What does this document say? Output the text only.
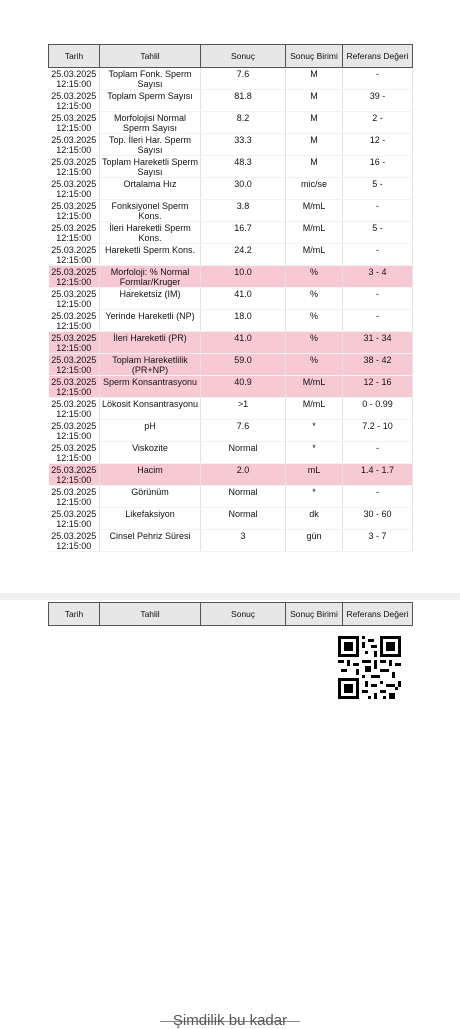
Tarih	Tahlil	Sonuç	Sonuç Birimi	Referans Değeri
25.03.2025 12:15:00	Toplam Fonk. Sperm Sayısı	7.6	M	-
25.03.2025 12:15:00	Toplam Sperm Sayısı	81.8	M	39 -
25.03.2025 12:15:00	Morfolojisi Normal Sperm Sayısı	8.2	M	2 -
25.03.2025 12:15:00	Top. İleri Har. Sperm Sayısı	33.3	M	12 -
25.03.2025 12:15:00	Toplam Hareketli Sperm Sayısı	48.3	M	16 -
25.03.2025 12:15:00	Ortalama Hız	30.0	mic/se	5 -
25.03.2025 12:15:00	Fonksiyonel Sperm Kons.	3.8	M/mL	-
25.03.2025 12:15:00	İleri Hareketli Sperm Kons.	16.7	M/mL	5 -
25.03.2025 12:15:00	Hareketli Sperm Kons.	24.2	M/mL	-
25.03.2025 12:15:00	Morfoloji: % Normal Formlar/Kruger	10.0	%	3 - 4
25.03.2025 12:15:00	Hareketsiz (IM)	41.0	%	-
25.03.2025 12:15:00	Yerinde Hareketli (NP)	18.0	%	-
25.03.2025 12:15:00	İleri Hareketli (PR)	41.0	%	31 - 34
25.03.2025 12:15:00	Toplam Hareketlilik (PR+NP)	59.0	%	38 - 42
25.03.2025 12:15:00	Sperm Konsantrasyonu	40.9	M/mL	12 - 16
25.03.2025 12:15:00	Lökosit Konsantrasyonu	>1	M/mL	0 - 0.99
25.03.2025 12:15:00	pH	7.6	*	7.2 - 10
25.03.2025 12:15:00	Viskozite	Normal	*	-
25.03.2025 12:15:00	Hacim	2.0	mL	1.4 - 1.7
25.03.2025 12:15:00	Görünüm	Normal	*	-
25.03.2025 12:15:00	Likefaksiyon	Normal	dk	30 - 60
25.03.2025 12:15:00	Cinsel Pehriz Süresi	3	gün	3 - 7
Tarih	Tahlil	Sonuç	Sonuç Birimi	Referans Değeri
Şimdilik bu kadar
